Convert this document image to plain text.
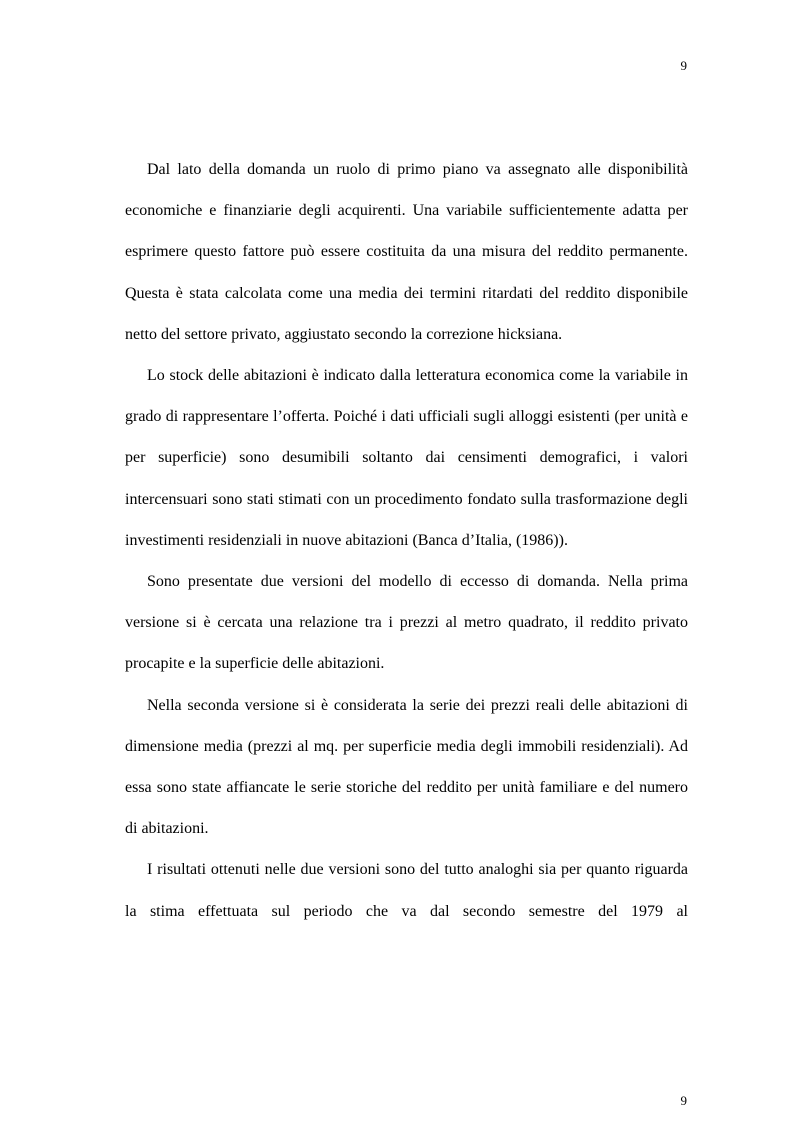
9

Dal lato della domanda un ruolo di primo piano va assegnato alle disponibilità economiche e finanziarie degli acquirenti. Una variabile sufficientemente adatta per esprimere questo fattore può essere costituita da una misura del reddito permanente. Questa è stata calcolata come una media dei termini ritardati del reddito disponibile netto del settore privato, aggiustato secondo la correzione hicksiana.

Lo stock delle abitazioni è indicato dalla letteratura economica come la variabile in grado di rappresentare l’offerta. Poiché i dati ufficiali sugli alloggi esistenti (per unità e per superficie) sono desumibili soltanto dai censimenti demografici, i valori intercensuari sono stati stimati con un procedimento fondato sulla trasformazione degli investimenti residenziali in nuove abitazioni (Banca d’Italia, (1986)).

Sono presentate due versioni del modello di eccesso di domanda. Nella prima versione si è cercata una relazione tra i prezzi al metro quadrato, il reddito privato procapite e la superficie delle abitazioni.

Nella seconda versione si è considerata la serie dei prezzi reali delle abitazioni di dimensione media (prezzi al mq. per superficie media degli immobili residenziali). Ad essa sono state affiancate le serie storiche del reddito per unità familiare e del numero di abitazioni.

I risultati ottenuti nelle due versioni sono del tutto analoghi sia per quanto riguarda la stima effettuata sul periodo che va dal secondo semestre del 1979 al

9
